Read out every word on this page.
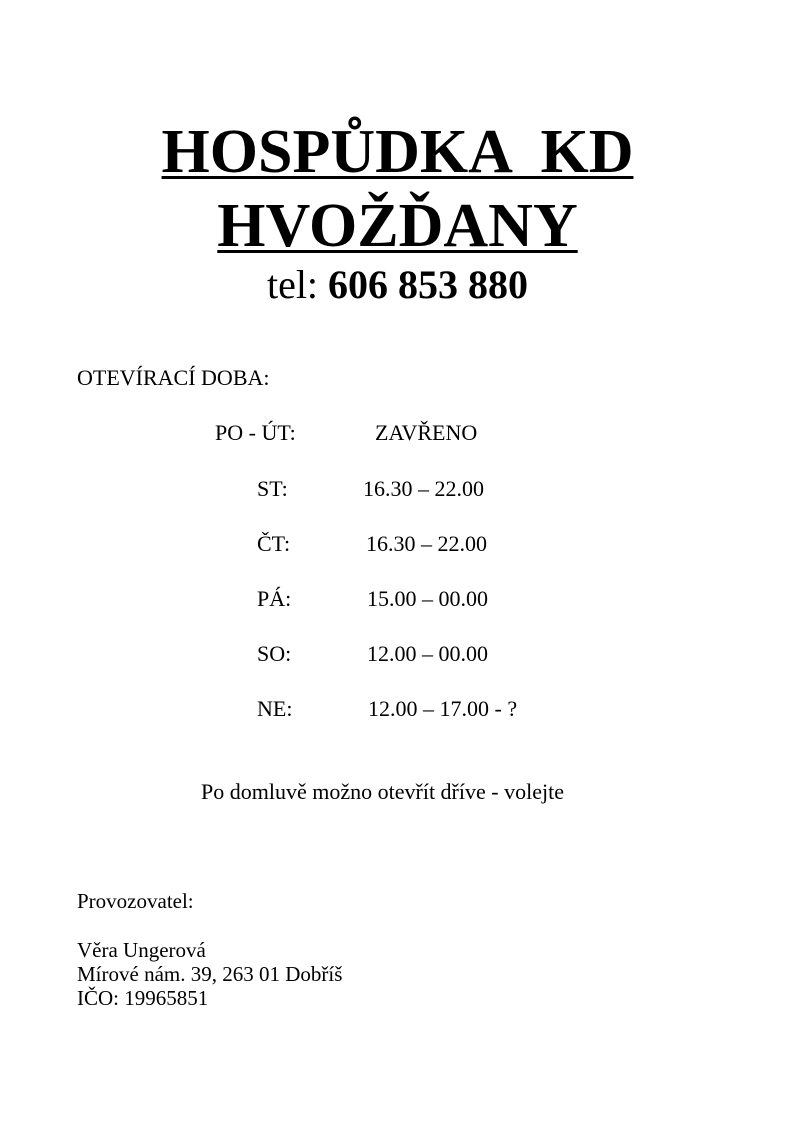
HOSPŮDKA  KD
HVOŽĎANY
tel: 606 853 880
OTEVÍRACÍ DOBA:
PO - ÚT:	ZAVŘENO
ST:	16.30 – 22.00
ČT:	16.30 – 22.00
PÁ:	15.00 – 00.00
SO:	12.00 – 00.00
NE:	12.00 – 17.00 - ?
Po domluvě možno otevřít dříve - volejte
Provozovatel:
Věra Ungerová
Mírové nám. 39, 263 01 Dobříš
IČO: 19965851
